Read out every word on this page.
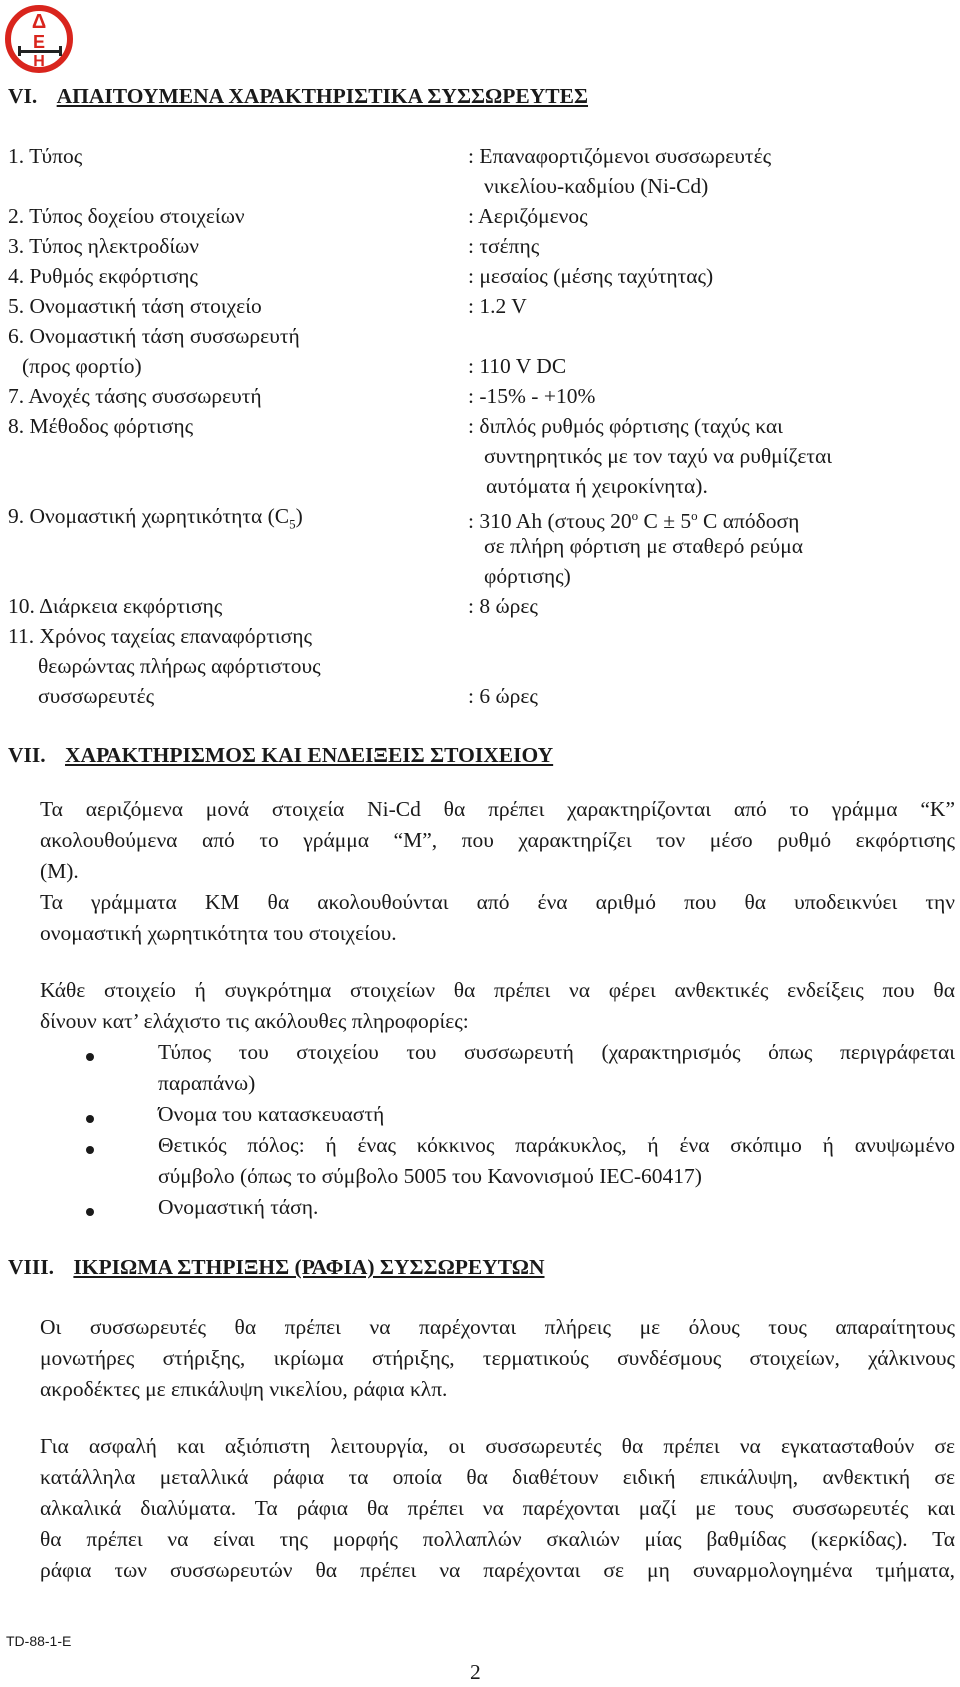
Δ
Ε
Η
VI. ΑΠΑΙΤΟΥΜΕΝΑ ΧΑΡΑΚΤΗΡΙΣΤΙΚΑ ΣΥΣΣΩΡΕΥΤΕΣ
1. Τύπος	: Επαναφορτιζόμενοι συσσωρευτές
νικελίου-καδμίου (Ni-Cd)
2. Τύπος δοχείου στοιχείων	: Αεριζόμενος
3. Τύπος ηλεκτροδίων	: τσέπης
4. Ρυθμός εκφόρτισης	: μεσαίος (μέσης ταχύτητας)
5. Ονομαστική τάση στοιχείο	: 1.2 V
6. Ονομαστική τάση συσσωρευτή
(προς φορτίο)	: 110 V DC
7. Ανοχές τάσης συσσωρευτή	: -15% - +10%
8. Μέθοδος φόρτισης	: διπλός ρυθμός φόρτισης (ταχύς και
συντηρητικός με τον ταχύ να ρυθμίζεται
αυτόματα ή χειροκίνητα).
9. Ονομαστική χωρητικότητα $(C_5)$	: 310 Ah (στους 20$^o$ $C \pm 5^o$ C απόδοση
σε πλήρη φόρτιση με σταθερό ρεύμα
φόρτισης)
10. Διάρκεια εκφόρτισης	: 8 ώρες
11. Χρόνος ταχείας επαναφόρτισης
θεωρώντας πλήρως αφόρτιστους
συσσωρευτές	: 6 ώρες
VII. ΧΑΡΑΚΤΗΡΙΣΜΟΣ ΚΑΙ ΕΝΔΕΙΞΕΙΣ ΣΤΟΙΧΕΙΟΥ
Τα αεριζόμενα μονά στοιχεία Ni-Cd θα πρέπει χαρακτηρίζονται από το γράμμα “K”
ακολουθούμενα από το γράμμα “M”, που χαρακτηρίζει τον μέσο ρυθμό εκφόρτισης
(M).
Τα γράμματα KM θα ακολουθούνται από ένα αριθμό που θα υποδεικνύει την
ονομαστική χωρητικότητα του στοιχείου.
Κάθε στοιχείο ή συγκρότημα στοιχείων θα πρέπει να φέρει ανθεκτικές ενδείξεις που θα
δίνουν κατ’ ελάχιστο τις ακόλουθες πληροφορίες:
Τύπος του στοιχείου του συσσωρευτή (χαρακτηρισμός όπως περιγράφεται
παραπάνω)
Όνομα του κατασκευαστή
Θετικός πόλος: ή ένας κόκκινος παράκυκλος, ή ένα σκόπιμο ή ανυψωμένο
σύμβολο (όπως το σύμβολο 5005 του Κανονισμού IEC-60417)
Ονομαστική τάση.
VIII. ΙΚΡΙΩΜΑ ΣΤΗΡΙΞΗΣ (ΡΑΦΙΑ) ΣΥΣΣΩΡΕΥΤΩΝ
Οι συσσωρευτές θα πρέπει να παρέχονται πλήρεις με όλους τους απαραίτητους
μονωτήρες στήριξης, ικρίωμα στήριξης, τερματικούς συνδέσμους στοιχείων, χάλκινους
ακροδέκτες με επικάλυψη νικελίου, ράφια κλπ.
Για ασφαλή και αξιόπιστη λειτουργία, οι συσσωρευτές θα πρέπει να εγκατασταθούν σε
κατάλληλα μεταλλικά ράφια τα οποία θα διαθέτουν ειδική επικάλυψη, ανθεκτική σε
αλκαλικά διαλύματα. Τα ράφια θα πρέπει να παρέχονται μαζί με τους συσσωρευτές και
θα πρέπει να είναι της μορφής πολλαπλών σκαλιών μίας βαθμίδας (κερκίδας). Τα
ράφια των συσσωρευτών θα πρέπει να παρέχονται σε μη συναρμολογημένα τμήματα,
TD-88-1-E
2
